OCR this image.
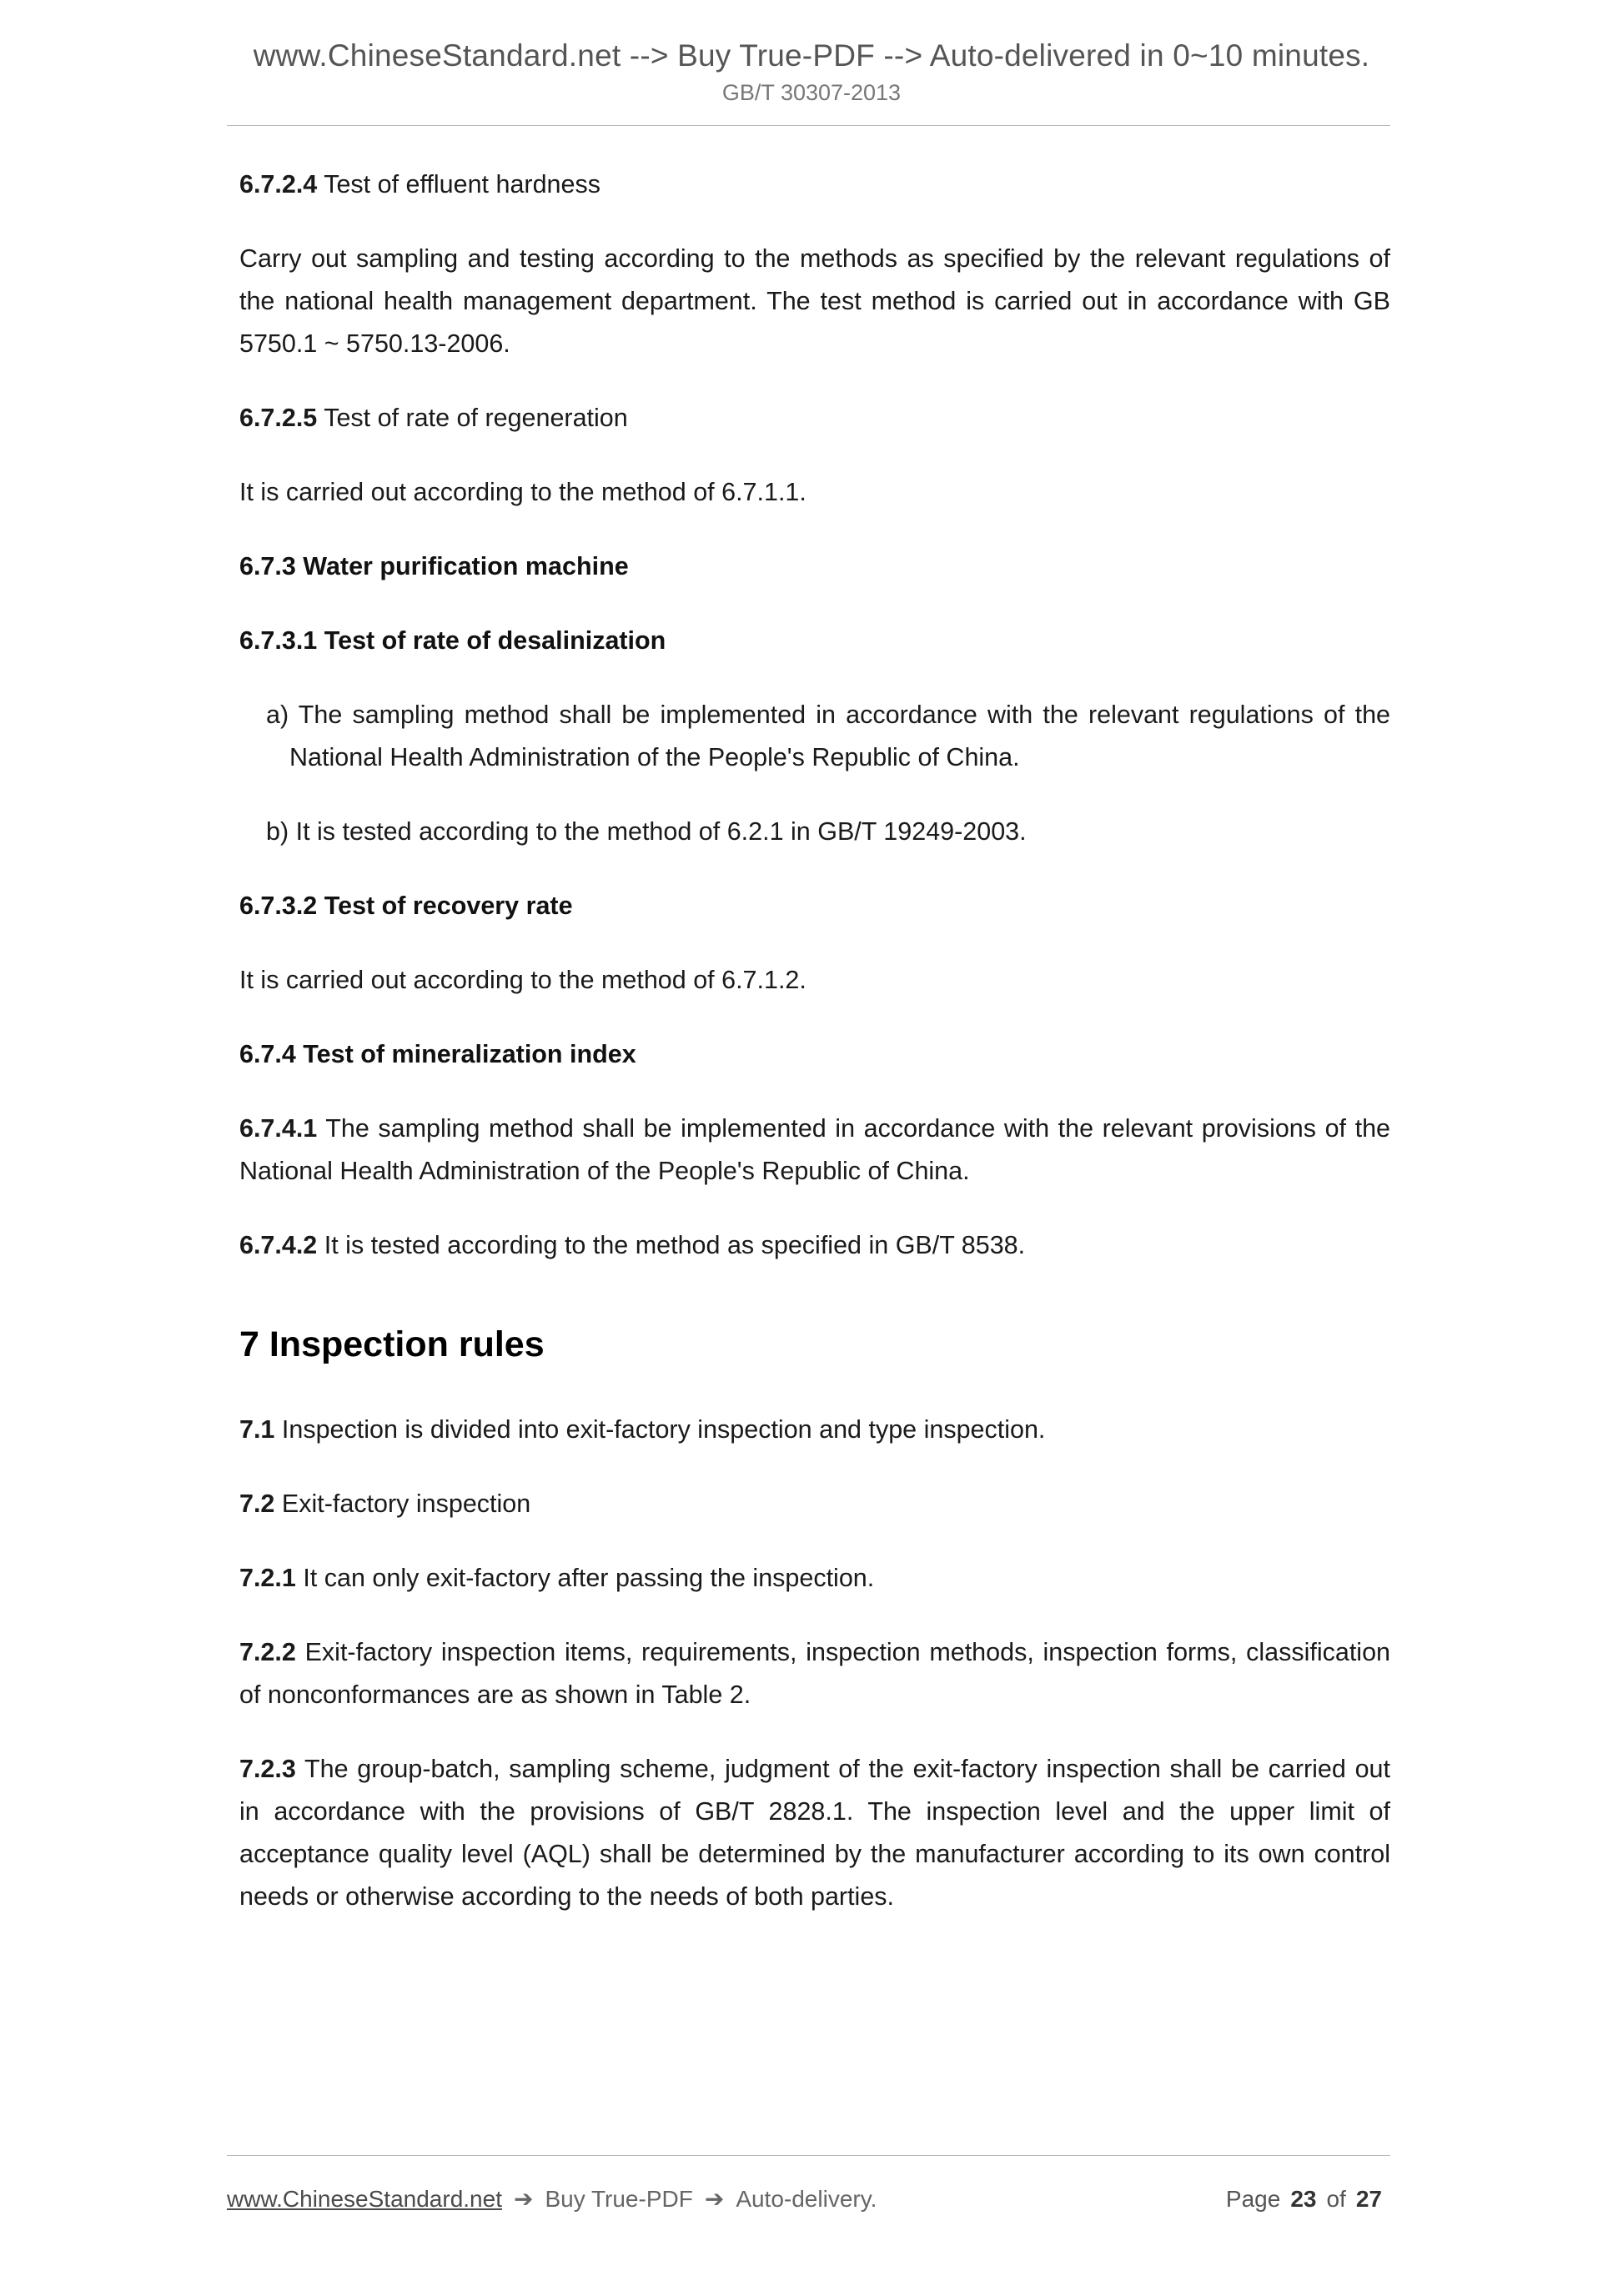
www.ChineseStandard.net --> Buy True-PDF --> Auto-delivered in 0~10 minutes.
GB/T 30307-2013

6.7.2.4 Test of effluent hardness

Carry out sampling and testing according to the methods as specified by the relevant regulations of the national health management department. The test method is carried out in accordance with GB 5750.1 ~ 5750.13-2006.

6.7.2.5 Test of rate of regeneration

It is carried out according to the method of 6.7.1.1.

6.7.3 Water purification machine

6.7.3.1 Test of rate of desalinization

a) The sampling method shall be implemented in accordance with the relevant regulations of the National Health Administration of the People's Republic of China.

b) It is tested according to the method of 6.2.1 in GB/T 19249-2003.

6.7.3.2 Test of recovery rate

It is carried out according to the method of 6.7.1.2.

6.7.4 Test of mineralization index

6.7.4.1 The sampling method shall be implemented in accordance with the relevant provisions of the National Health Administration of the People's Republic of China.

6.7.4.2 It is tested according to the method as specified in GB/T 8538.

7 Inspection rules

7.1 Inspection is divided into exit-factory inspection and type inspection.

7.2 Exit-factory inspection

7.2.1 It can only exit-factory after passing the inspection.

7.2.2 Exit-factory inspection items, requirements, inspection methods, inspection forms, classification of nonconformances are as shown in Table 2.

7.2.3 The group-batch, sampling scheme, judgment of the exit-factory inspection shall be carried out in accordance with the provisions of GB/T 2828.1. The inspection level and the upper limit of acceptance quality level (AQL) shall be determined by the manufacturer according to its own control needs or otherwise according to the needs of both parties.

www.ChineseStandard.net ➔ Buy True-PDF ➔ Auto-delivery.	Page 23 of 27
